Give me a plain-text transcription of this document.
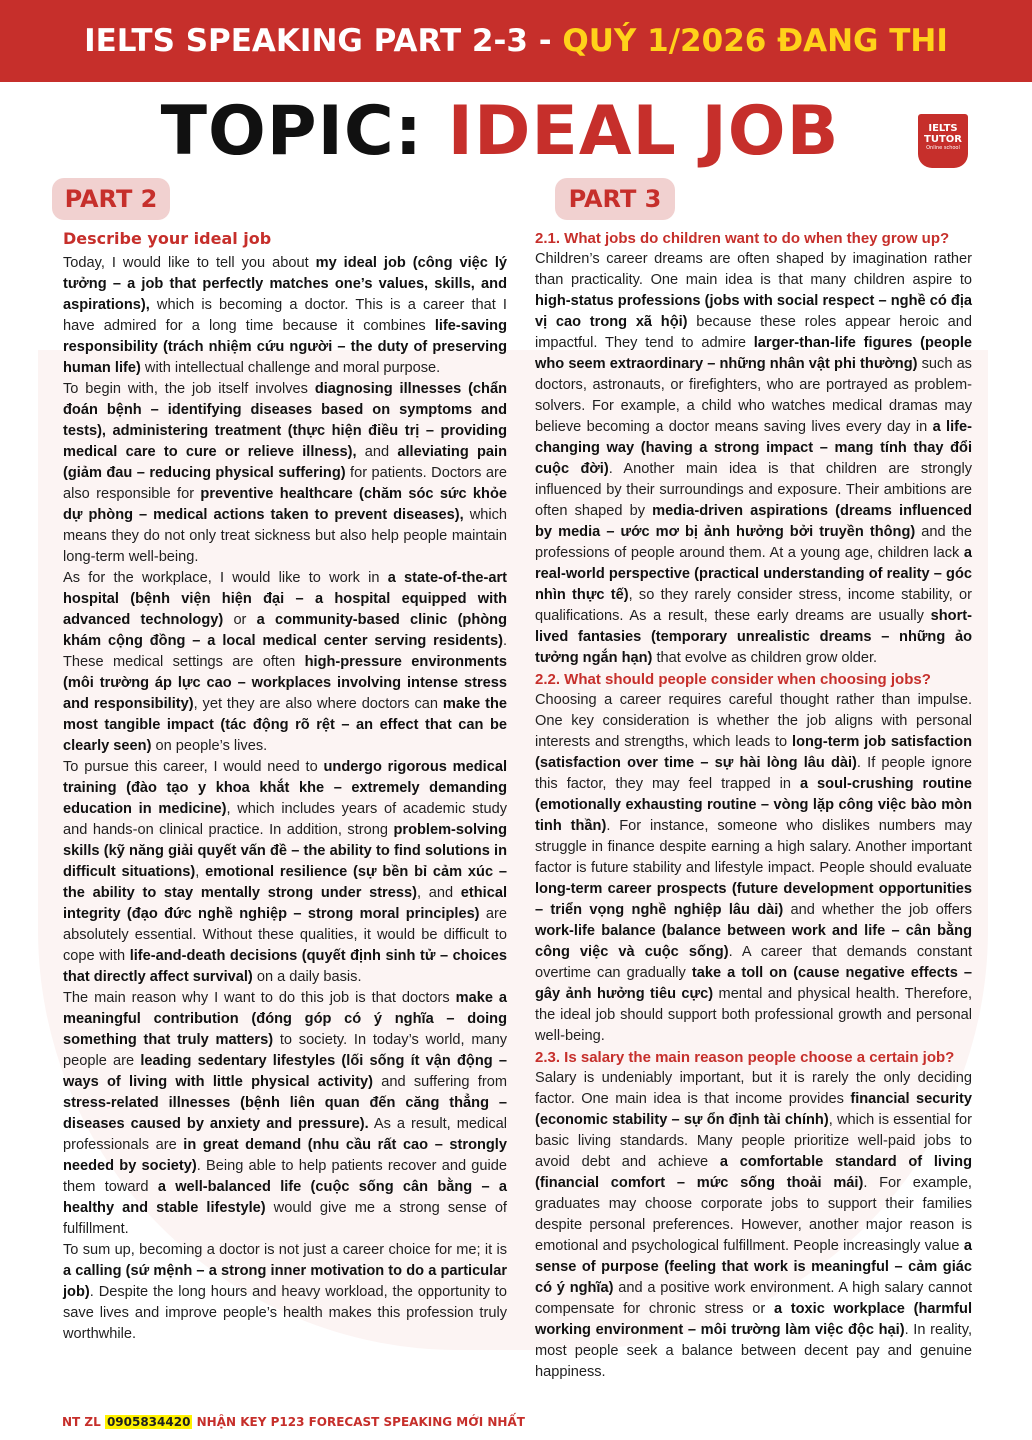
IELTS SPEAKING PART 2-3 - QUÝ 1/2026 ĐANG THI
TOPIC: IDEAL JOB	IELTS
TUTOR
Online school
PART 2	PART 3
Describe your ideal job

Today, I would like to tell you about my ideal job (công việc lý tưởng – a job that perfectly matches one’s values, skills, and aspirations), which is becoming a doctor. This is a career that I have admired for a long time because it combines life-saving responsibility (trách nhiệm cứu người – the duty of preserving human life) with intellectual challenge and moral purpose.

To begin with, the job itself involves diagnosing illnesses (chẩn đoán bệnh – identifying diseases based on symptoms and tests), administering treatment (thực hiện điều trị – providing medical care to cure or relieve illness), and alleviating pain (giảm đau – reducing physical suffering) for patients. Doctors are also responsible for preventive healthcare (chăm sóc sức khỏe dự phòng – medical actions taken to prevent diseases), which means they do not only treat sickness but also help people maintain long-term well-being.

As for the workplace, I would like to work in a state-of-the-art hospital (bệnh viện hiện đại – a hospital equipped with advanced technology) or a community-based clinic (phòng khám cộng đồng – a local medical center serving residents). These medical settings are often high-pressure environments (môi trường áp lực cao – workplaces involving intense stress and responsibility), yet they are also where doctors can make the most tangible impact (tác động rõ rệt – an effect that can be clearly seen) on people’s lives.

To pursue this career, I would need to undergo rigorous medical training (đào tạo y khoa khắt khe – extremely demanding education in medicine), which includes years of academic study and hands-on clinical practice. In addition, strong problem-solving skills (kỹ năng giải quyết vấn đề – the ability to find solutions in difficult situations), emotional resilience (sự bền bỉ cảm xúc – the ability to stay mentally strong under stress), and ethical integrity (đạo đức nghề nghiệp – strong moral principles) are absolutely essential. Without these qualities, it would be difficult to cope with life-and-death decisions (quyết định sinh tử – choices that directly affect survival) on a daily basis.

The main reason why I want to do this job is that doctors make a meaningful contribution (đóng góp có ý nghĩa – doing something that truly matters) to society. In today’s world, many people are leading sedentary lifestyles (lối sống ít vận động – ways of living with little physical activity) and suffering from stress-related illnesses (bệnh liên quan đến căng thẳng – diseases caused by anxiety and pressure). As a result, medical professionals are in great demand (nhu cầu rất cao – strongly needed by society). Being able to help patients recover and guide them toward a well-balanced life (cuộc sống cân bằng – a healthy and stable lifestyle) would give me a strong sense of fulfillment.

To sum up, becoming a doctor is not just a career choice for me; it is a calling (sứ mệnh – a strong inner motivation to do a particular job). Despite the long hours and heavy workload, the opportunity to save lives and improve people’s health makes this profession truly worthwhile.

2.1. What jobs do children want to do when they grow up?

Children’s career dreams are often shaped by imagination rather than practicality. One main idea is that many children aspire to high-status professions (jobs with social respect – nghề có địa vị cao trong xã hội) because these roles appear heroic and impactful. They tend to admire larger-than-life figures (people who seem extraordinary – những nhân vật phi thường) such as doctors, astronauts, or firefighters, who are portrayed as problem-solvers. For example, a child who watches medical dramas may believe becoming a doctor means saving lives every day in a life-changing way (having a strong impact – mang tính thay đổi cuộc đời). Another main idea is that children are strongly influenced by their surroundings and exposure. Their ambitions are often shaped by media-driven aspirations (dreams influenced by media – ước mơ bị ảnh hưởng bởi truyền thông) and the professions of people around them. At a young age, children lack a real-world perspective (practical understanding of reality – góc nhìn thực tế), so they rarely consider stress, income stability, or qualifications. As a result, these early dreams are usually short-lived fantasies (temporary unrealistic dreams – những ảo tưởng ngắn hạn) that evolve as children grow older.

2.2. What should people consider when choosing jobs?

Choosing a career requires careful thought rather than impulse. One key consideration is whether the job aligns with personal interests and strengths, which leads to long-term job satisfaction (satisfaction over time – sự hài lòng lâu dài). If people ignore this factor, they may feel trapped in a soul-crushing routine (emotionally exhausting routine – vòng lặp công việc bào mòn tinh thần). For instance, someone who dislikes numbers may struggle in finance despite earning a high salary. Another important factor is future stability and lifestyle impact. People should evaluate long-term career prospects (future development opportunities – triển vọng nghề nghiệp lâu dài) and whether the job offers work-life balance (balance between work and life – cân bằng công việc và cuộc sống). A career that demands constant overtime can gradually take a toll on (cause negative effects – gây ảnh hưởng tiêu cực) mental and physical health. Therefore, the ideal job should support both professional growth and personal well-being.

2.3. Is salary the main reason people choose a certain job?

Salary is undeniably important, but it is rarely the only deciding factor. One main idea is that income provides financial security (economic stability – sự ổn định tài chính), which is essential for basic living standards. Many people prioritize well-paid jobs to avoid debt and achieve a comfortable standard of living (financial comfort – mức sống thoải mái). For example, graduates may choose corporate jobs to support their families despite personal preferences. However, another major reason is emotional and psychological fulfillment. People increasingly value a sense of purpose (feeling that work is meaningful – cảm giác có ý nghĩa) and a positive work environment. A high salary cannot compensate for chronic stress or a toxic workplace (harmful working environment – môi trường làm việc độc hại). In reality, most people seek a balance between decent pay and genuine happiness.

NT ZL 0905834420 NHẬN KEY P123 FORECAST SPEAKING MỚI NHẤT
